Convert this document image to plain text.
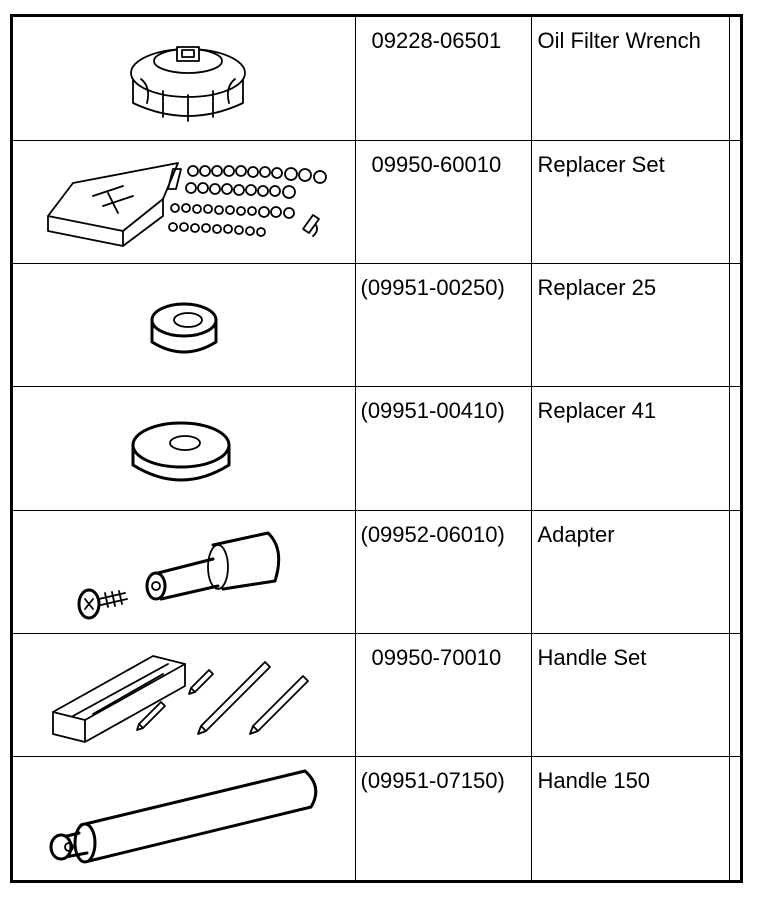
	09228-06501	Oil Filter Wrench	

	09950-60010	Replacer Set	

	(09951-00250)	Replacer 25	

	(09951-00410)	Replacer 41	

	(09952-06010)	Adapter	

	09950-70010	Handle Set	

	(09951-07150)	Handle 150	
